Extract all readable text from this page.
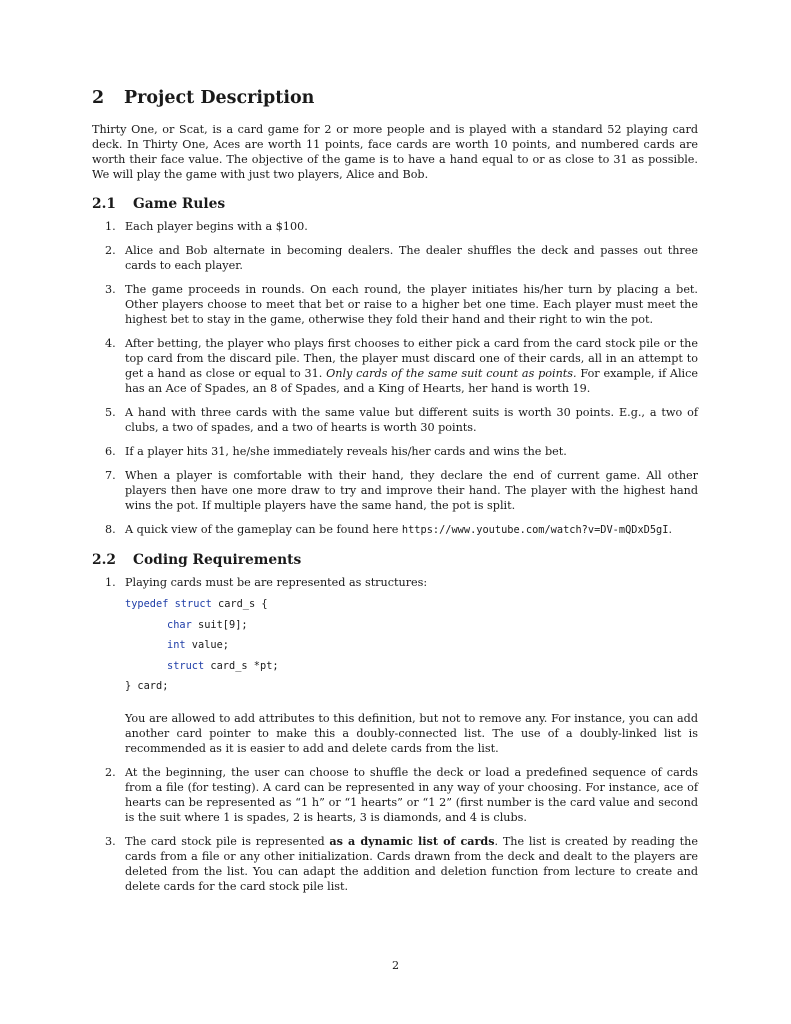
2 Project Description

Thirty One, or Scat, is a card game for 2 or more people and is played with a standard 52 playing card deck. In Thirty One, Aces are worth 11 points, face cards are worth 10 points, and numbered cards are worth their face value. The objective of the game is to have a hand equal to or as close to 31 as possible. We will play the game with just two players, Alice and Bob.

2.1 Game Rules
1. Each player begins with a $100.
2. Alice and Bob alternate in becoming dealers. The dealer shuffles the deck and passes out three cards to each player.
3. The game proceeds in rounds. On each round, the player initiates his/her turn by placing a bet. Other players choose to meet that bet or raise to a higher bet one time. Each player must meet the highest bet to stay in the game, otherwise they fold their hand and their right to win the pot.
4. After betting, the player who plays first chooses to either pick a card from the card stock pile or the top card from the discard pile. Then, the player must discard one of their cards, all in an attempt to get a hand as close or equal to 31. Only cards of the same suit count as points. For example, if Alice has an Ace of Spades, an 8 of Spades, and a King of Hearts, her hand is worth 19.
5. A hand with three cards with the same value but different suits is worth 30 points. E.g., a two of clubs, a two of spades, and a two of hearts is worth 30 points.
6. If a player hits 31, he/she immediately reveals his/her cards and wins the bet.
7. When a player is comfortable with their hand, they declare the end of current game. All other players then have one more draw to try and improve their hand. The player with the highest hand wins the pot. If multiple players have the same hand, the pot is split.
8. A quick view of the gameplay can be found here https://www.youtube.com/watch?v=DV-mQDxD5gI.
2.2 Coding Requirements
1. Playing cards must be are represented as structures:

typedef struct card_s {
char suit[9];
int value;
struct card_s *pt;
} card;

You are allowed to add attributes to this definition, but not to remove any. For instance, you can add another card pointer to make this a doubly-connected list. The use of a doubly-linked list is recommended as it is easier to add and delete cards from the list.

2. At the beginning, the user can choose to shuffle the deck or load a predefined sequence of cards from a file (for testing). A card can be represented in any way of your choosing. For instance, ace of hearts can be represented as “1 h” or “1 hearts” or “1 2” (first number is the card value and second is the suit where 1 is spades, 2 is hearts, 3 is diamonds, and 4 is clubs.
3. The card stock pile is represented as a dynamic list of cards. The list is created by reading the cards from a file or any other initialization. Cards drawn from the deck and dealt to the players are deleted from the list. You can adapt the addition and deletion function from lecture to create and delete cards for the card stock pile list.
2
